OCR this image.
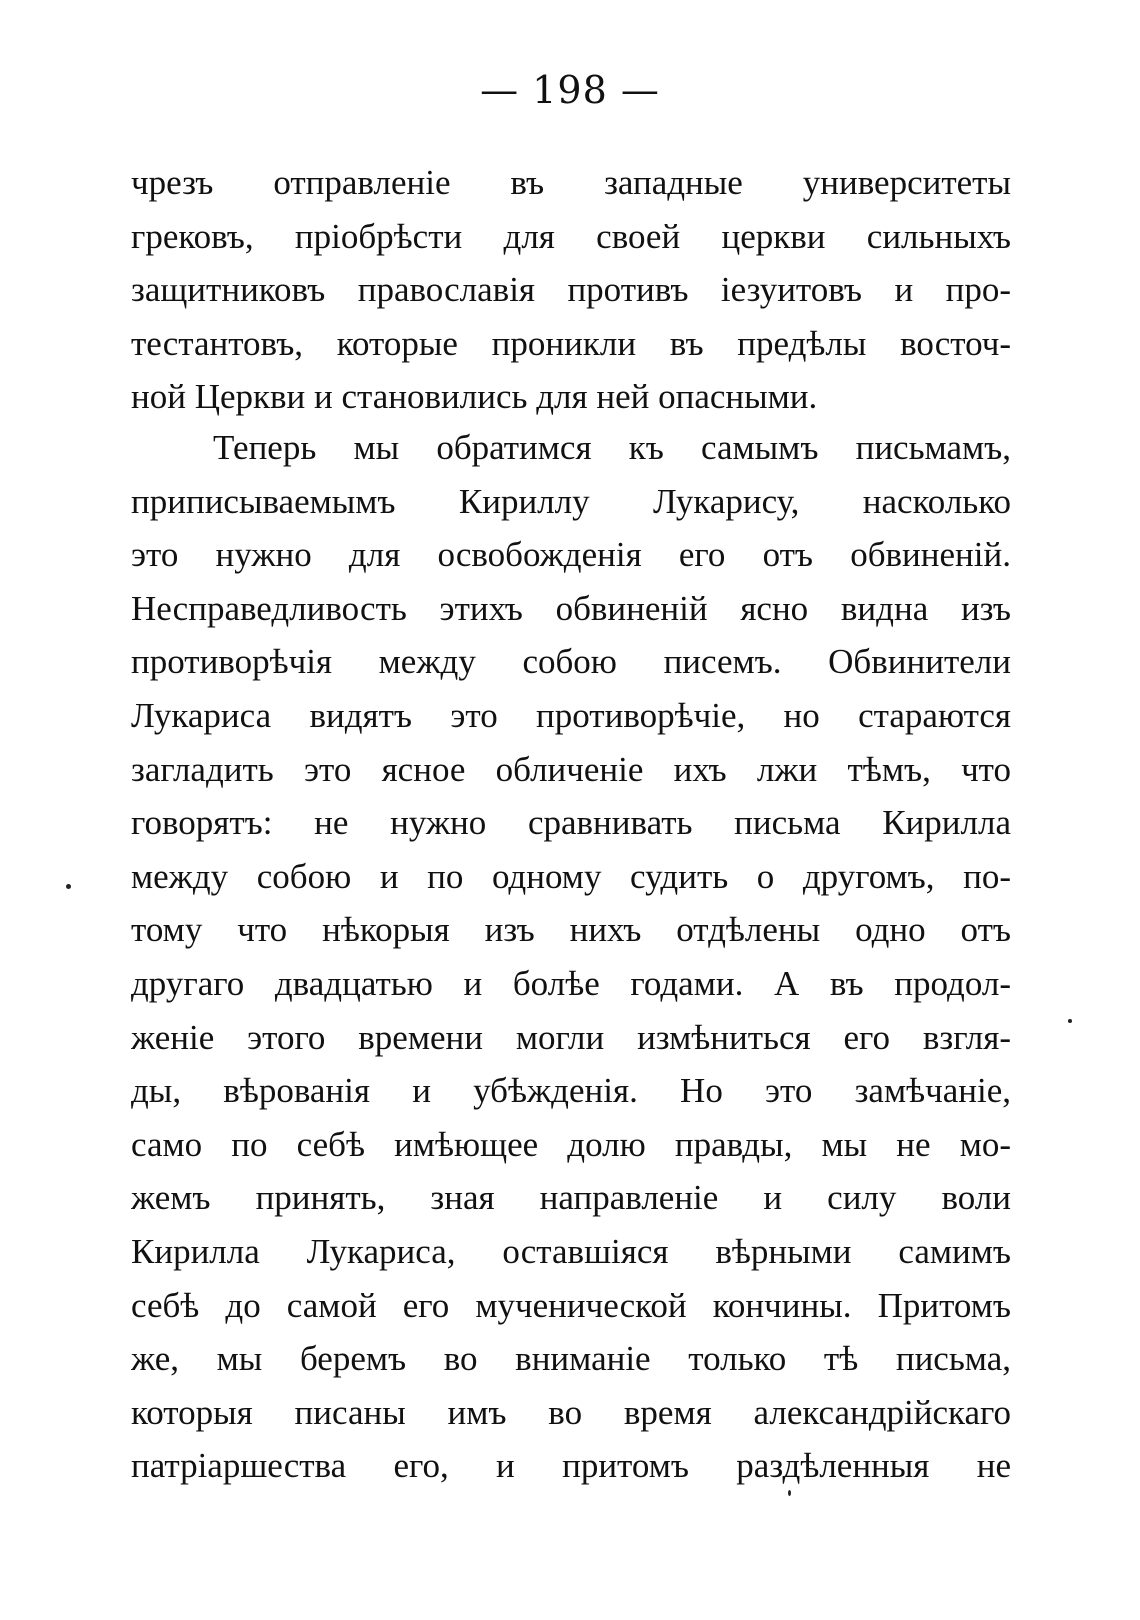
— 198 —
чрезъ отправленіе въ западные университеты
грековъ, пріобрѣсти для своей церкви сильныхъ
защитниковъ православія противъ іезуитовъ и про-
тестантовъ, которые проникли въ предѣлы восточ-
ной Церкви и становились для ней опасными.
Теперь мы обратимся къ самымъ письмамъ,
приписываемымъ Кириллу Лукарису, насколько
это нужно для освобожденія его отъ обвиненій.
Несправедливость этихъ обвиненій ясно видна изъ
противорѣчія между собою писемъ. Обвинители
Лукариса видятъ это противорѣчіе, но стараются
загладить это ясное обличеніе ихъ лжи тѣмъ, что
говорятъ: не нужно сравнивать письма Кирилла
между собою и по одному судить о другомъ, по-
тому что нѣкорыя изъ нихъ отдѣлены одно отъ
другаго двадцатью и болѣе годами. А въ продол-
женіе этого времени могли измѣниться его взгля-
ды, вѣрованія и убѣжденія. Но это замѣчаніе,
само по себѣ имѣющее долю правды, мы не мо-
жемъ принять, зная направленіе и силу воли
Кирилла Лукариса, оставшіяся вѣрными самимъ
себѣ до самой его мученической кончины. Притомъ
же, мы беремъ во вниманіе только тѣ письма,
которыя писаны имъ во время александрійскаго
патріаршества его, и притомъ раздѣленныя не
